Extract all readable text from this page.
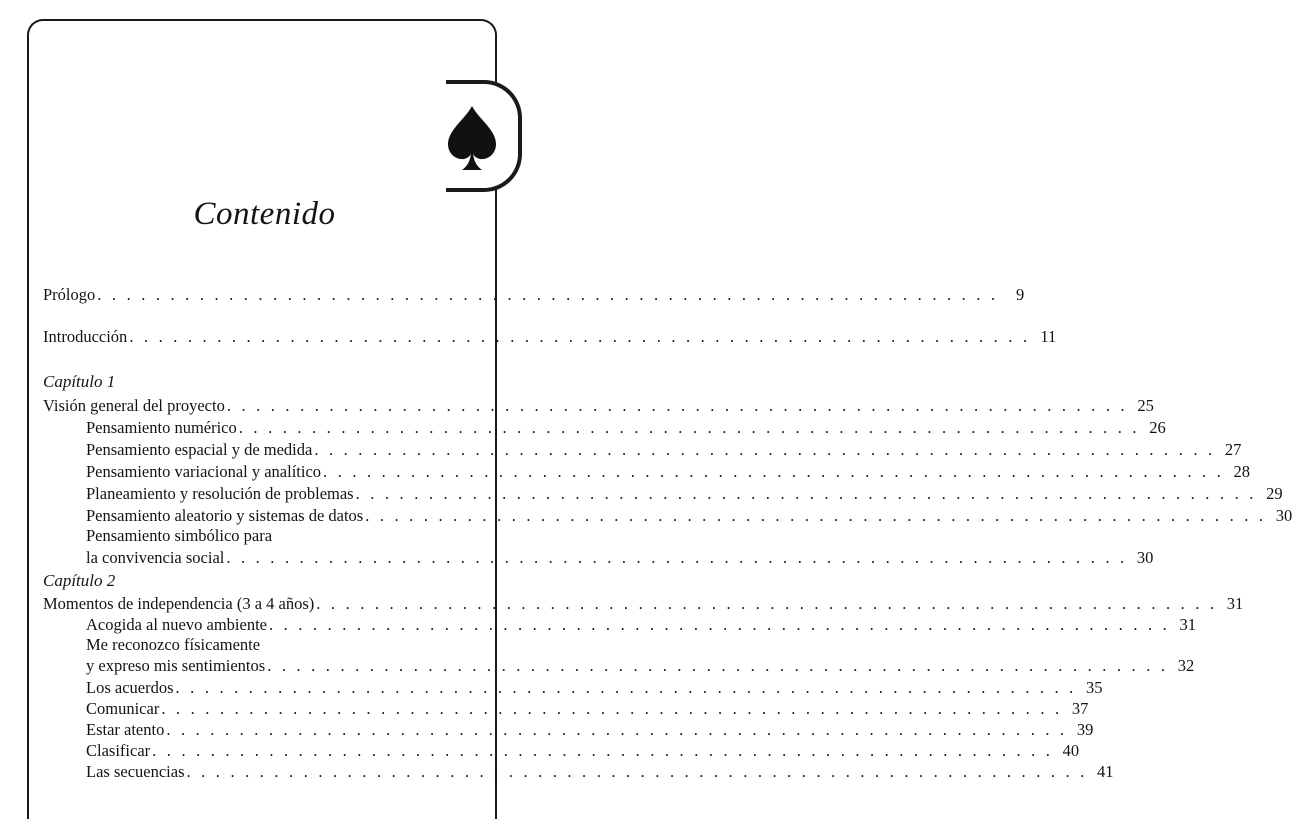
Contenido
Prólogo . . . . . . . . . . . . . . . . . . . . . . . . . . . . . . . . . . . . . . . . . . . . . . . . . . . . . . . . . . . . . .	9
Introducción . . . . . . . . . . . . . . . . . . . . . . . . . . . . . . . . . . . . . . . . . . . . . . . . . . . . . . . . . . . . . . 11
Capítulo 1
Visión general del proyecto . . . . . . . . . . . . . . . . . . . . . . . . . . . . . . . . . . . . . . . . . . . . . . . . . . . . . . . . . . . . . . 25
Pensamiento numérico . . . . . . . . . . . . . . . . . . . . . . . . . . . . . . . . . . . . . . . . . . . . . . . . . . . . . . . . . . . . . . 26
Pensamiento espacial y de medida . . . . . . . . . . . . . . . . . . . . . . . . . . . . . . . . . . . . . . . . . . . . . . . . . . . . . . . . . . . . . . 27
Pensamiento variacional y analítico . . . . . . . . . . . . . . . . . . . . . . . . . . . . . . . . . . . . . . . . . . . . . . . . . . . . . . . . . . . . . . 28
Planeamiento y resolución de problemas . . . . . . . . . . . . . . . . . . . . . . . . . . . . . . . . . . . . . . . . . . . . . . . . . . . . . . . . . . . . . . 29
Pensamiento aleatorio y sistemas de datos . . . . . . . . . . . . . . . . . . . . . . . . . . . . . . . . . . . . . . . . . . . . . . . . . . . . . . . . . . . . . . 30
Pensamiento simbólico para
la convivencia social . . . . . . . . . . . . . . . . . . . . . . . . . . . . . . . . . . . . . . . . . . . . . . . . . . . . . . . . . . . . . . 30
Capítulo 2
Momentos de independencia (3 a 4 años) . . . . . . . . . . . . . . . . . . . . . . . . . . . . . . . . . . . . . . . . . . . . . . . . . . . . . . . . . . . . . . 31
Acogida al nuevo ambiente . . . . . . . . . . . . . . . . . . . . . . . . . . . . . . . . . . . . . . . . . . . . . . . . . . . . . . . . . . . . . . 31
Me reconozco físicamente
y expreso mis sentimientos . . . . . . . . . . . . . . . . . . . . . . . . . . . . . . . . . . . . . . . . . . . . . . . . . . . . . . . . . . . . . . 32
Los acuerdos . . . . . . . . . . . . . . . . . . . . . . . . . . . . . . . . . . . . . . . . . . . . . . . . . . . . . . . . . . . . . . 35
Comunicar . . . . . . . . . . . . . . . . . . . . . . . . . . . . . . . . . . . . . . . . . . . . . . . . . . . . . . . . . . . . . . 37
Estar atento . . . . . . . . . . . . . . . . . . . . . . . . . . . . . . . . . . . . . . . . . . . . . . . . . . . . . . . . . . . . . . 39
Clasificar . . . . . . . . . . . . . . . . . . . . . . . . . . . . . . . . . . . . . . . . . . . . . . . . . . . . . . . . . . . . . . 40
Las secuencias . . . . . . . . . . . . . . . . . . . . . . . . . . . . . . . . . . . . . . . . . . . . . . . . . . . . . . . . . . . . . . 41
